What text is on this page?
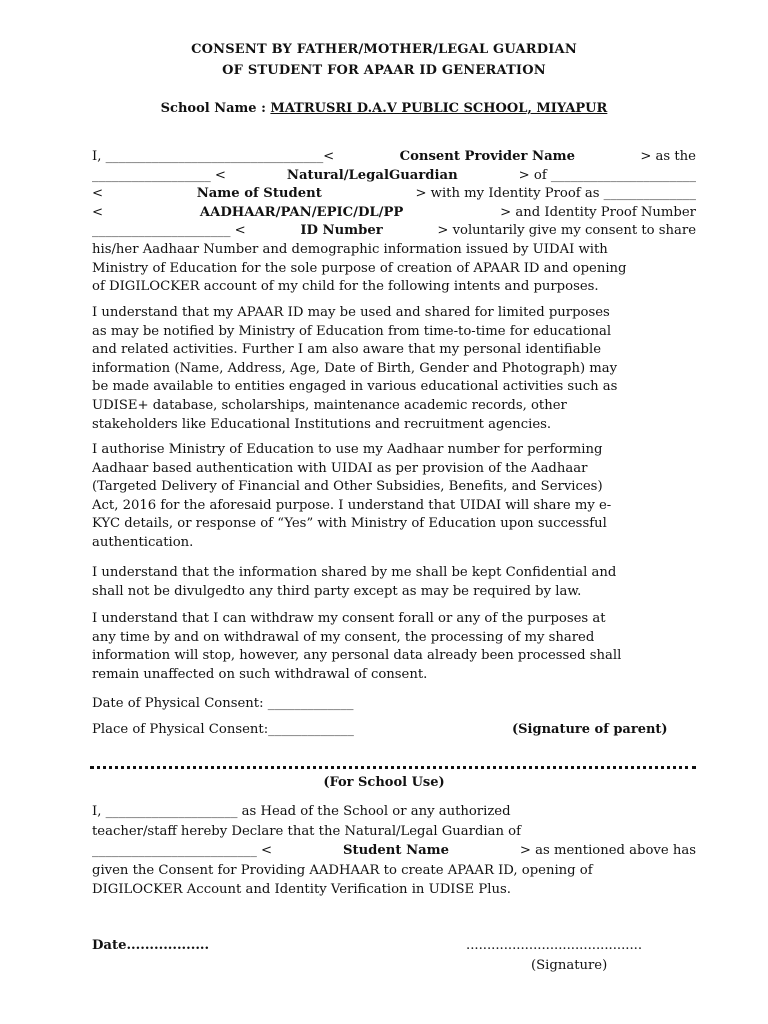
CONSENT BY FATHER/MOTHER/LEGAL GUARDIAN
OF STUDENT FOR APAAR ID GENERATION
School Name : MATRUSRI D.A.V PUBLIC SCHOOL, MIYAPUR
I, _________________________________<	Consent Provider Name	> as the
__________________ <	Natural/LegalGuardian	> of ______________________
<	Name of Student	> with my Identity Proof as ______________
<	AADHAAR/PAN/EPIC/DL/PP	> and Identity Proof Number
_____________________ <	ID Number	> voluntarily give my consent to share
his/her Aadhaar Number and demographic information issued by UIDAI with
Ministry of Education for the sole purpose of creation of APAAR ID and opening
of DIGILOCKER account of my child for the following intents and purposes.
I understand that my APAAR ID may be used and shared for limited purposes
as may be notified by Ministry of Education from time-to-time for educational
and related activities. Further I am also aware that my personal identifiable
information (Name, Address, Age, Date of Birth, Gender and Photograph) may
be made available to entities engaged in various educational activities such as
UDISE+ database, scholarships, maintenance academic records, other
stakeholders like Educational Institutions and recruitment agencies.
I authorise Ministry of Education to use my Aadhaar number for performing
Aadhaar based authentication with UIDAI as per provision of the Aadhaar
(Targeted Delivery of Financial and Other Subsidies, Benefits, and Services)
Act, 2016 for the aforesaid purpose. I understand that UIDAI will share my e-
KYC details, or response of “Yes” with Ministry of Education upon successful
authentication.
I understand that the information shared by me shall be kept Confidential and
shall not be divulgedto any third party except as may be required by law.
I understand that I can withdraw my consent forall or any of the purposes at
any time by and on withdrawal of my consent, the processing of my shared
information will stop, however, any personal data already been processed shall
remain unaffected on such withdrawal of consent.
Date of Physical Consent: _____________
Place of Physical Consent:_____________	(Signature of parent)
(For School Use)
I, ____________________ as Head of the School or any authorized
teacher/staff hereby Declare that the Natural/Legal Guardian of
_________________________ <	Student Name	> as mentioned above has
given the Consent for Providing AADHAAR to create APAAR ID, opening of
DIGILOCKER Account and Identity Verification in UDISE Plus.
Date..................	..........................................
(Signature)
